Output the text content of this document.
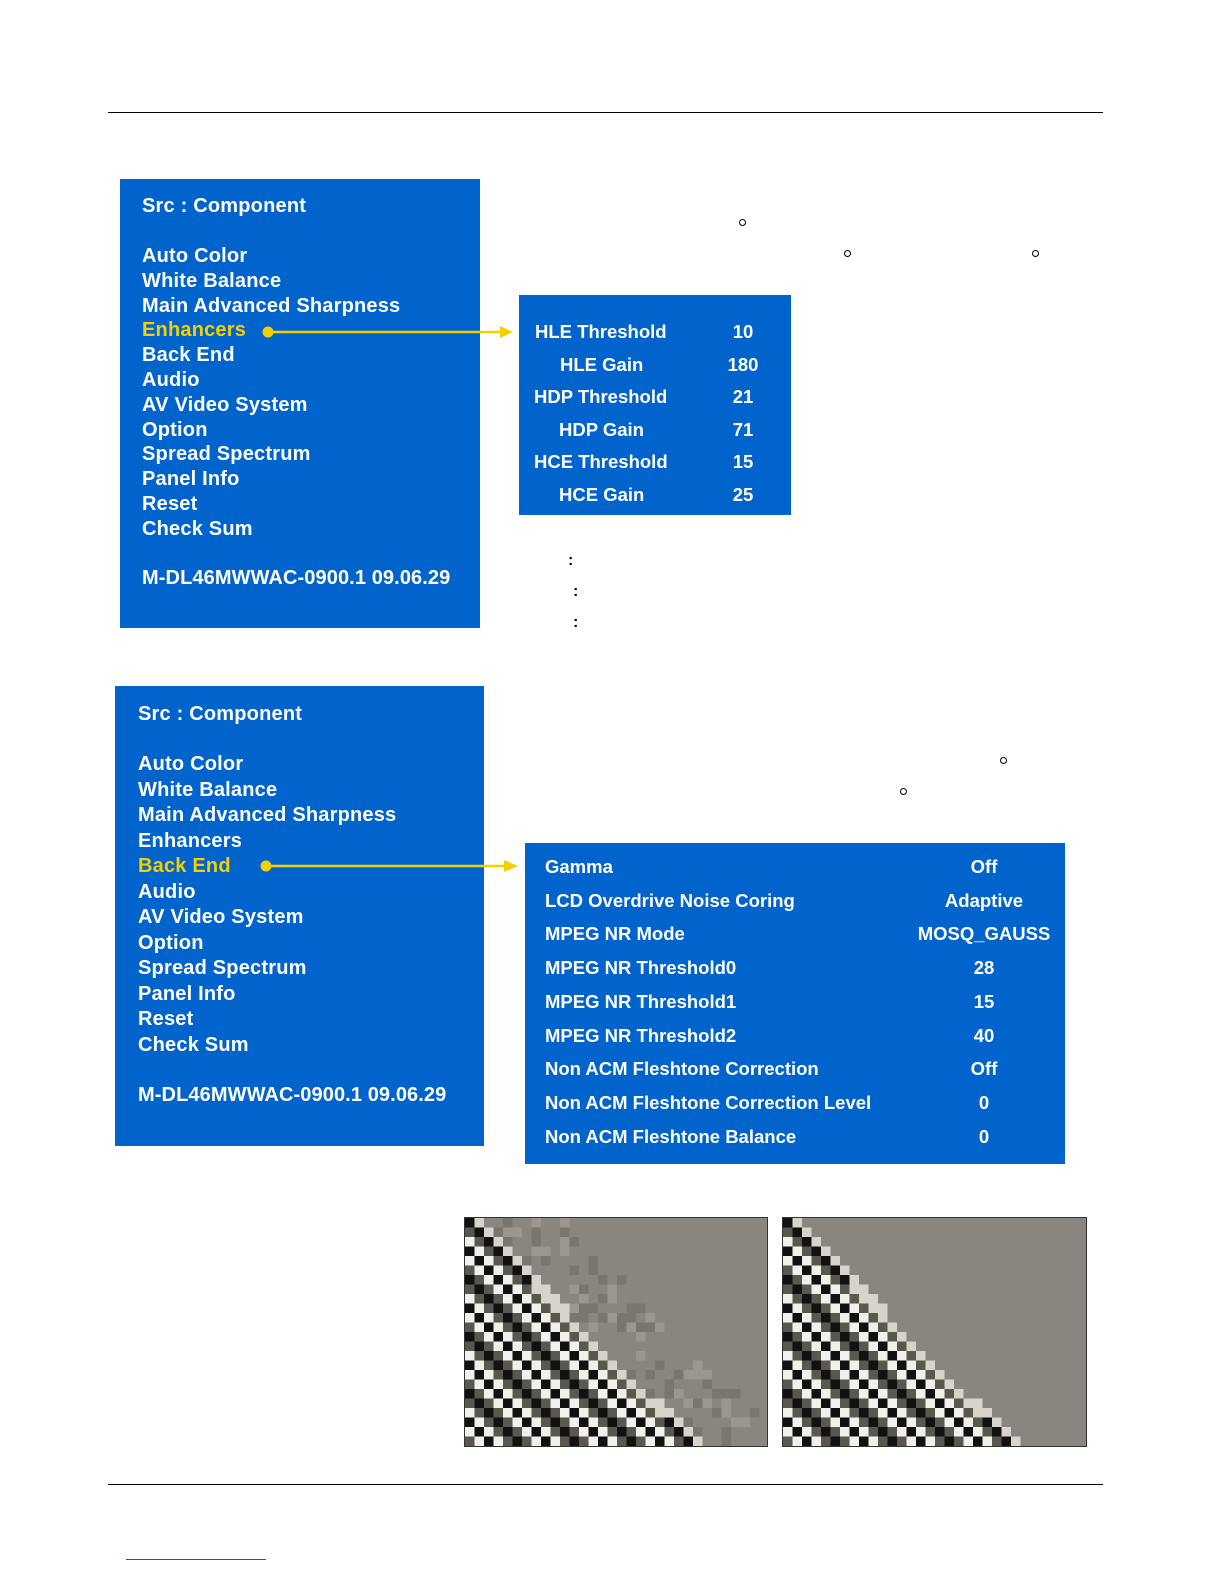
Src : Component
Auto Color
White Balance
Main Advanced Sharpness
Enhancers
Back End
Audio
AV Video System
Option
Spread Spectrum
Panel Info
Reset
Check Sum
M-DL46MWWAC-0900.1 09.06.29
HLE Threshold	10
HLE Gain	180
HDP Threshold	21
HDP Gain	71
HCE Threshold	15
HCE Gain	25
:
:
:
Src : Component
Auto Color
White Balance
Main Advanced Sharpness
Enhancers
Back End
Audio
AV Video System
Option
Spread Spectrum
Panel Info
Reset
Check Sum
M-DL46MWWAC-0900.1 09.06.29
Gamma	Off
LCD Overdrive Noise Coring	Adaptive
MPEG NR Mode	MOSQ_GAUSS
MPEG NR Threshold0	28
MPEG NR Threshold1	15
MPEG NR Threshold2	40
Non ACM Fleshtone Correction	Off
Non ACM Fleshtone Correction Level	0
Non ACM Fleshtone Balance	0
